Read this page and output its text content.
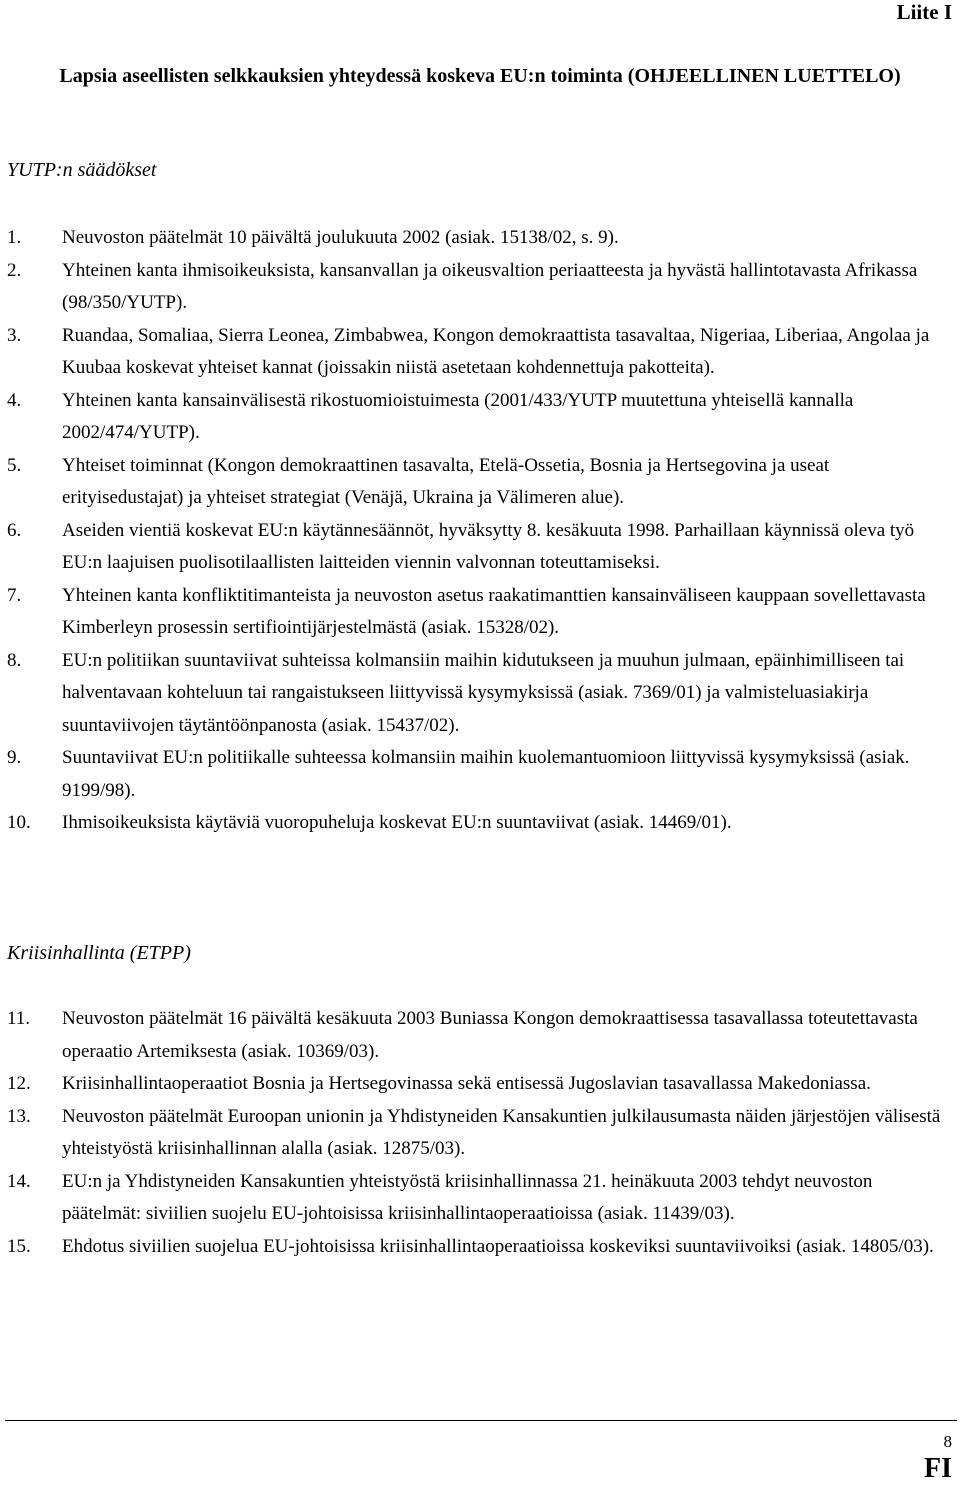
Liite I
Lapsia aseellisten selkkauksien yhteydessä koskeva EU:n toiminta (OHJEELLINEN LUETTELO)
YUTP:n säädökset
1. Neuvoston päätelmät 10 päivältä joulukuuta 2002 (asiak. 15138/02, s. 9).
2. Yhteinen kanta ihmisoikeuksista, kansanvallan ja oikeusvaltion periaatteesta ja hyvästä hallintotavasta Afrikassa (98/350/YUTP).
3. Ruandaa, Somaliaa, Sierra Leonea, Zimbabwea, Kongon demokraattista tasavaltaa, Nigeriaa, Liberiaa, Angolaa ja Kuubaa koskevat yhteiset kannat (joissakin niistä asetetaan kohdennettuja pakotteita).
4. Yhteinen kanta kansainvälisestä rikostuomioistuimesta (2001/433/YUTP muutettuna yhteisellä kannalla 2002/474/YUTP).
5. Yhteiset toiminnat (Kongon demokraattinen tasavalta, Etelä-Ossetia, Bosnia ja Hertsegovina ja useat erityisedustajat) ja yhteiset strategiat (Venäjä, Ukraina ja Välimeren alue).
6. Aseiden vientiä koskevat EU:n käytännesäännöt, hyväksytty 8. kesäkuuta 1998. Parhaillaan käynnissä oleva työ EU:n laajuisen puolisotilaallisten laitteiden viennin valvonnan toteuttamiseksi.
7. Yhteinen kanta konfliktitimanteista ja neuvoston asetus raakatimanttien kansainväliseen kauppaan sovellettavasta Kimberleyn prosessin sertifiointijärjestelmästä (asiak. 15328/02).
8. EU:n politiikan suuntaviivat suhteissa kolmansiin maihin kidutukseen ja muuhun julmaan, epäinhimilliseen tai halventavaan kohteluun tai rangaistukseen liittyvissä kysymyksissä (asiak. 7369/01) ja valmisteluasiakirja suuntaviivojen täytäntöönpanosta (asiak. 15437/02).
9. Suuntaviivat EU:n politiikalle suhteessa kolmansiin maihin kuolemantuomioon liittyvissä kysymyksissä (asiak. 9199/98).
10. Ihmisoikeuksista käytäviä vuoropuheluja koskevat EU:n suuntaviivat (asiak. 14469/01).
Kriisinhallinta (ETPP)
11. Neuvoston päätelmät 16 päivältä kesäkuuta 2003 Buniassa Kongon demokraattisessa tasavallassa toteutettavasta operaatio Artemiksesta (asiak. 10369/03).
12. Kriisinhallintaoperaatiot Bosnia ja Hertsegovinassa sekä entisessä Jugoslavian tasavallassa Makedoniassa.
13. Neuvoston päätelmät Euroopan unionin ja Yhdistyneiden Kansakuntien julkilausumasta näiden järjestöjen välisestä yhteistyöstä kriisinhallinnan alalla (asiak. 12875/03).
14. EU:n ja Yhdistyneiden Kansakuntien yhteistyöstä kriisinhallinnassa 21. heinäkuuta 2003 tehdyt neuvoston päätelmät: siviilien suojelu EU-johtoisissa kriisinhallintaoperaatioissa (asiak. 11439/03).
15. Ehdotus siviilien suojelua EU-johtoisissa kriisinhallintaoperaatioissa koskeviksi suuntaviivoiksi (asiak. 14805/03).
8
FI
